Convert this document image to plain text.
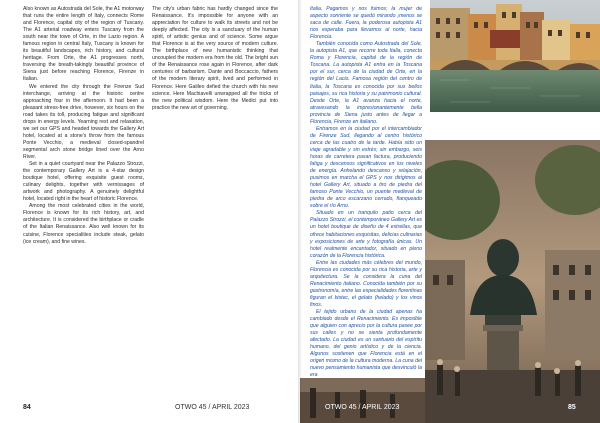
Also known as Autostrada del Sole, the A1 motorway that runs the entire length of Italy, connects Rome and Florence, capital city of the region of Tuscany. The A1 arterial roadway enters Tuscany from the south near the town of Orte, in the Lazio region. A famous region in central Italy, Tuscany is known for its beautiful landscapes, rich history, and cultural heritage. From Orte, the A1 progresses north, traversing the breath-takingly beautiful province of Siena just before reaching Florence, Firenze in Italian.

We entered the city through the Firenze Sud interchange, arriving at the historic centre approaching four in the afternoon. It had been a pleasant stress-free drive, however, six hours on the road takes its toll, producing fatigue and significant drops in energy levels. Yearning rest and relaxation, we set our GPS and headed towards the Gallery Art hotel, located at a stone's throw from the famous Ponte Vecchio, a medieval closed-spandrel segmental arch stone bridge lined over the Arno River.

Set in a quiet courtyard near the Palazzo Strozzi, the contemporary Gallery Art is a 4-star design boutique hotel, offering exquisite guest rooms, culinary delights, together with vernissages of artwork and photography. A genuinely delightful hotel, located right in the heart of historic Florence.

Among the most celebrated cities in the world, Florence is known for its rich history, art, and architecture. It is considered the birthplace or cradle of the Italian Renaissance. Also well known for its cuisine, Florence specialities include steak, gelato (ice cream), and fine wines.

The city's urban fabric has hardly changed since the Renaissance. It's impossible for anyone with an appreciation for culture to walk its streets and not be deeply affected. The city is a sanctuary of the human spirit, of artistic genius and of science. Some argue that Florence is at the very source of modern culture. The birthplace of new humanistic thinking that uncoupled the modern era from the old. The bright sun of the Renaissance rose again in Florence, after dark centuries of barbarism. Dante and Boccaccio, fathers of the modern literary spirit, lived and performed in Florence. Here Galileo defied the church with his new science. Here Machiavelli unwrapped all the tricks of the new political wisdom. Here the Medici put into practice the new art of governing.

84	OTWO 45 / APRIL 2023

Italia. Pagamos y nos fuimos; la mujer de aspecto sonriente se quedó mirando ¡menos se saca de calle. Fuera, la poderosa autopista A1 nos esperaba para llevarnos al norte, hacia Florencia.

También conocida como Autostrada del Sole, la autopista A1, que recorre toda Italia, conecta Roma y Florencia, capital de la región de Toscana. La autopista A1 entra en la Toscana por el sur, cerca de la ciudad de Orte, en la región del Lacio. Famosa región del centro de Italia, la Toscana es conocida por sus bellos paisajes, su rica historia y su patrimonio cultural. Desde Orte, la A1 avanza hacia el norte, atravesando la impresionantemente bella provincia de Siena justo antes de llegar a Florencia, Firenze en italiano.

Entramos en la ciudad por el intercambiador de Firenze Sud, llegando al centro histórico cerca de las cuatro de la tarde. Había sido un viaje agradable y sin estrés; sin embargo, seis horas de carretera pasan factura, produciendo fatiga y descensos significativos en los niveles de energía. Anhelando descanso y relajación, pusimos en marcha el GPS y nos dirigimos al hotel Gallery Art, situado a tiro de piedra del famoso Ponte Vecchio, un puente medieval de piedra de arco escarzano cerrado, flanqueado sobre el río Arno.

Situado en un tranquilo patio cerca del Palazzo Strozzi, el contemporáneo Gallery Art es un hotel boutique de diseño de 4 estrellas, que ofrece habitaciones exquisitas, delicias culinarias y exposiciones de arte y fotografía únicas. Un hotel realmente encantador, situado en pleno corazón de la Florencia histórica.

Entre las ciudades más célebres del mundo, Florencia es conocida por su rica historia, arte y arquitectura. Se la considera la cuna del Renacimiento italiano. Conocida también por su gastronomía, entre las especialidades florentinas figuran el bistec, el gelato (helado) y los vinos finos.

El tejido urbano de la ciudad apenas ha cambiado desde el Renacimiento. Es imposible que alguien con aprecio por la cultura pasee por sus calles y no se sienta profundamente afectado. La ciudad es un santuario del espíritu humano, del genio artístico y de la ciencia. Algunos sostienen que Florencia está en el origen mismo de la cultura moderna. La cuna del nuevo pensamiento humanista que desvinculó la era

OTWO 45 / APRIL 2023	85
